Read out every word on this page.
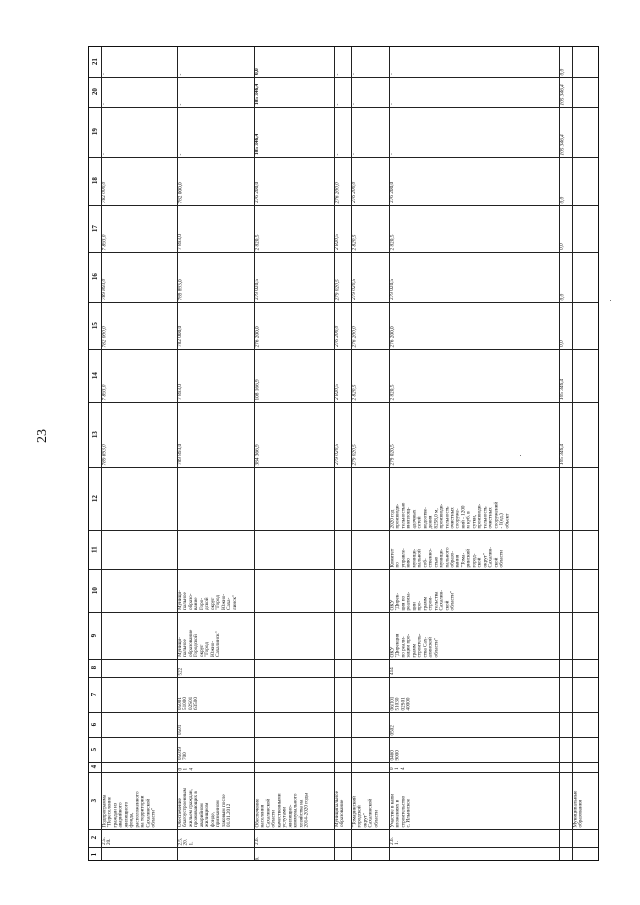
23
1
2
3
4
5
6
7
8
9
10
11
12
13
14
15
16
17
18
19
20
21
2.5.
20.
Подпрограмма
"Переселение
граждан из
аварийного
жилищного
фонда,
расположенного
на территории
Сахалинской
области"
782 000,0
7 893,0
789 893,0
782 000,0
7 893,0
789 893,0
-
-
-
2.5.
20.
1.
Обеспечение
благоустроенным
жильем граждан,
проживающих в
аварийном
жилищном
фонде,
признанном
таковым после
01.01.2012
0
1
4
05019
700
0501
05001
51000
02S01
63500
522
Муници-
пальное
образование
Городской
округ
"Город
Южно-
Сахалинск"
Муници-
пальное
образо-
вание
Горо-
дской
округ
"Город
Южно-
Саха-
линск"
789 893,0
7 893,0
782 000,0
789 893,0
7 893,0
782 000,0
-
-
-
6.
2.6.
Обеспечение
населения
Сахалинской
области
качественными
услугами
жилищно-
коммунального
хозяйства на
2014-2020 годы
384 366,9
108 166,9
276 200,0
279 020,5
2 820,5
276 200,0
105 346,4
105 346,4
0,0
Муниципальное
образование
279 020,5
2 820,5
276 200,0
279 020,5
2 820,5
276 200,0
-
-
-
"Томаринский
городской
округ"
Сахалинской
области
279 020,5
2 820,5
276 200,0
279 020,5
2 820,5
276 200,0
-
-
-
2.6.
1.
Участие в капи
вложениях в
строительство
с. Ильинское
0
1
4
0460
9000
0502
06Л01
51030
02S01
40000
414
ОКУ
"Дирекция
по реали-
зации про-
грамм
строитель-
ства Сах-
алинской
области"
ОКУ
"Дирек-
ция по
реализа-
ции
про-
грамм
строи-
тельства
Сахалин-
ской
области"
Комитет
по
управле-
нию
муници-
пальной
соб-
ственно-
стью
муници-
пального
образо-
вания
"Тома-
ринский
город-
ской
округ"
Сахалин-
ской
области
2020 год
производи-
тельностью
внеплощ-
адочных
сетей
водоотве-
дения
8258,0 м,
производи-
тельность
очистных
сооруже-
ний - 1200
м куб. в
сутки,
производи-
тельность
очистных
сооружений
- 1(ед.)
объект
279 020,5
2 820,5
276 200,0
279 020,5
2 820,5
276 200,0
-
-
-
105 346,4
105 346,4
0,0
0,0
0,0
0,0
105 346,4
105 346,4
0,0
Муниципальные
образования
